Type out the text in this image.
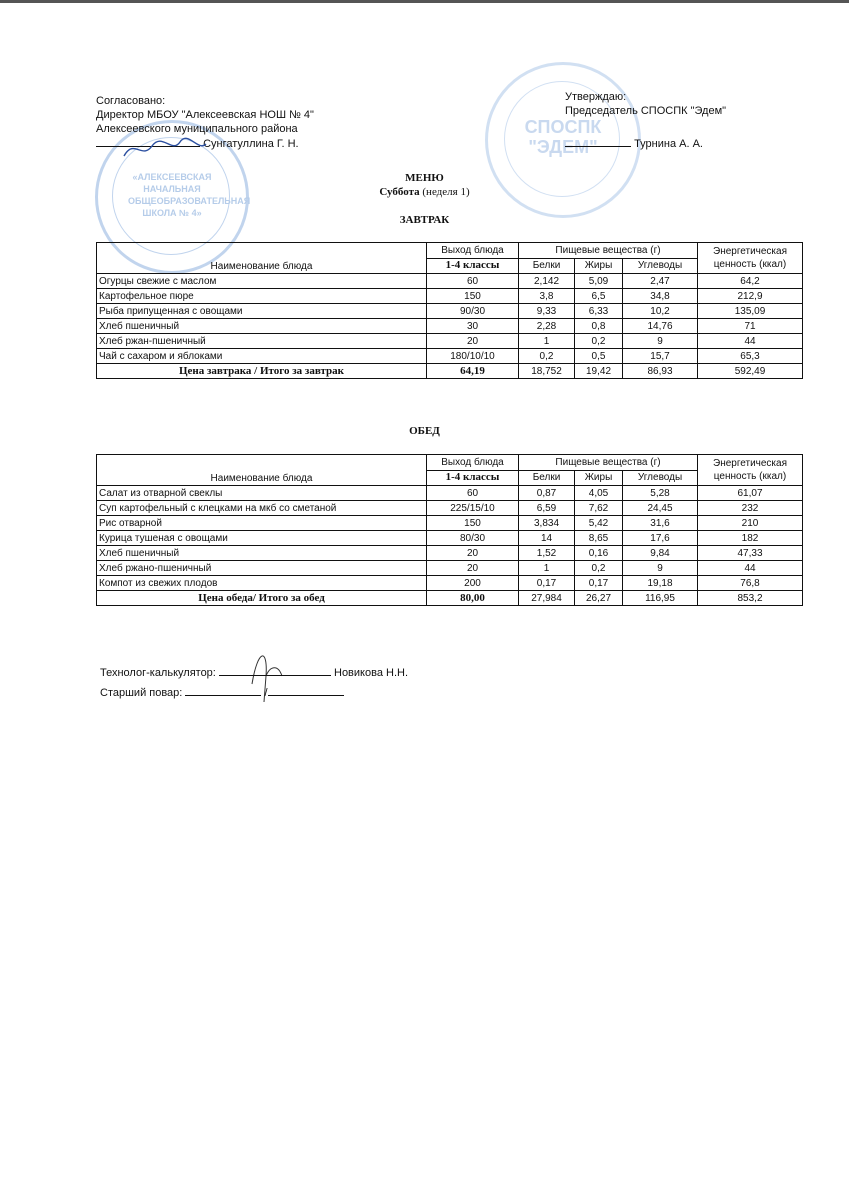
«АЛЕКСЕЕВСКАЯ НАЧАЛЬНАЯ ОБЩЕОБРАЗОВАТЕЛЬНАЯ ШКОЛА № 4»
СПОСПК "ЭДЕМ"
Согласовано:
Директор МБОУ "Алексеевская НОШ № 4"
Алексеевского муниципального района
Сунгатуллина Г. Н.
Утверждаю:
Председатель СПОСПК "Эдем"
Турнина А. А.
МЕНЮ
Суббота (неделя 1)
ЗАВТРАК
Наименование блюда	Выход блюда	Пищевые вещества (г)			Энергетическая ценность (ккал)
	1-4 классы	Белки	Жиры	Углеводы	
Огурцы свежие с маслом	60	2,142	5,09	2,47	64,2
Картофельное пюре	150	3,8	6,5	34,8	212,9
Рыба припущенная с овощами	90/30	9,33	6,33	10,2	135,09
Хлеб пшеничный	30	2,28	0,8	14,76	71
Хлеб ржан-пшеничный	20	1	0,2	9	44
Чай с сахаром и яблоками	180/10/10	0,2	0,5	15,7	65,3
Цена завтрака / Итого за завтрак	64,19	18,752	19,42	86,93	592,49
ОБЕД
Наименование блюда	Выход блюда	Пищевые вещества (г)			Энергетическая ценность (ккал)
	1-4 классы	Белки	Жиры	Углеводы	
Салат из отварной свеклы	60	0,87	4,05	5,28	61,07
Суп картофельный с клецками на мкб со сметаной	225/15/10	6,59	7,62	24,45	232
Рис отварной	150	3,834	5,42	31,6	210
Курица тушеная с овощами	80/30	14	8,65	17,6	182
Хлеб пшеничный	20	1,52	0,16	9,84	47,33
Хлеб ржано-пшеничный	20	1	0,2	9	44
Компот из свежих плодов	200	0,17	0,17	19,18	76,8
Цена обеда/ Итого за обед	80,00	27,984	26,27	116,95	853,2
Технолог-калькулятор:	Новикова Н.Н.
Старший повар:	/
